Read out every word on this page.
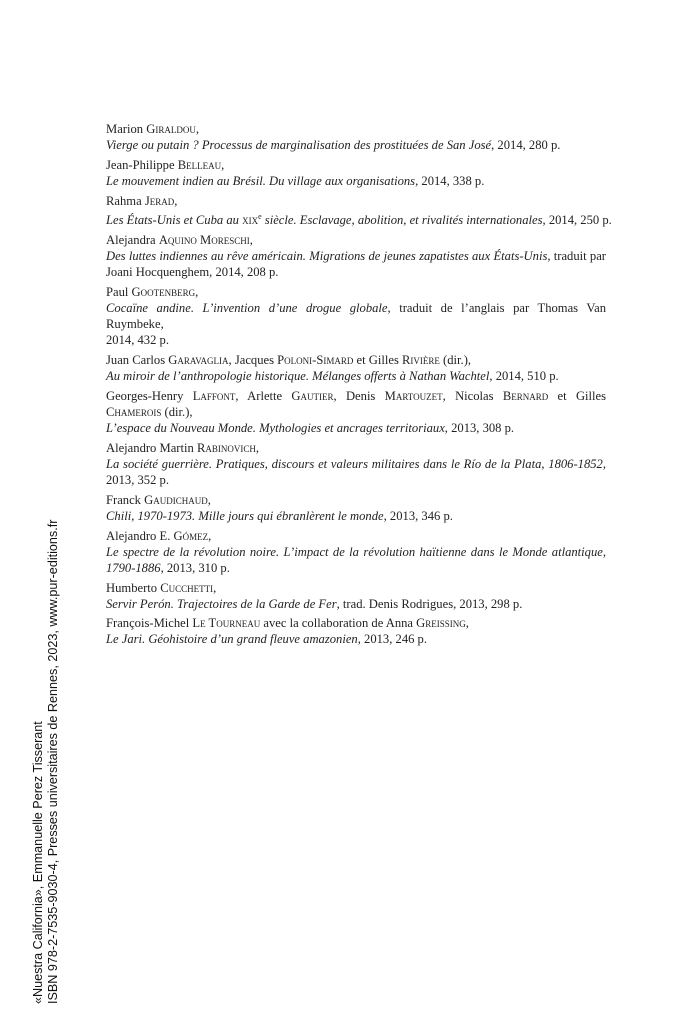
Marion Giraldou,
Vierge ou putain ? Processus de marginalisation des prostituées de San José, 2014, 280 p.
Jean-Philippe Belleau,
Le mouvement indien au Brésil. Du village aux organisations, 2014, 338 p.
Rahma Jerad,
Les États-Unis et Cuba au xix$^e$ siècle. Esclavage, abolition, et rivalités internationales, 2014, 250 p.
Alejandra Aquino Moreschi,
Des luttes indiennes au rêve américain. Migrations de jeunes zapatistes aux États-Unis, traduit par
Joani Hocquenghem, 2014, 208 p.
Paul Gootenberg,
Cocaïne andine. L’invention d’une drogue globale, traduit de l’anglais par Thomas Van Ruymbeke,
2014, 432 p.
Juan Carlos Garavaglia, Jacques Poloni-Simard et Gilles Rivière (dir.),
Au miroir de l’anthropologie historique. Mélanges offerts à Nathan Wachtel, 2014, 510 p.
Georges-Henry Laffont, Arlette Gautier, Denis Martouzet, Nicolas Bernard et Gilles
Chamerois (dir.),
L’espace du Nouveau Monde. Mythologies et ancrages territoriaux, 2013, 308 p.
Alejandro Martin Rabinovich,
La société guerrière. Pratiques, discours et valeurs militaires dans le Río de la Plata, 1806-1852,
2013, 352 p.
Franck Gaudichaud,
Chili, 1970-1973. Mille jours qui ébranlèrent le monde, 2013, 346 p.
Alejandro E. Gómez,
Le spectre de la révolution noire. L’impact de la révolution haïtienne dans le Monde atlantique,
1790-1886, 2013, 310 p.
Humberto Cucchetti,
Servir Perón. Trajectoires de la Garde de Fer, trad. Denis Rodrigues, 2013, 298 p.
François-Michel Le Tourneau avec la collaboration de Anna Greissing,
Le Jari. Géohistoire d’un grand fleuve amazonien, 2013, 246 p.
«Nuestra California», Emmanuelle Perez Tisserant ISBN 978-2-7535-9030-4, Presses universitaires de Rennes, 2023, www.pur-editions.fr
